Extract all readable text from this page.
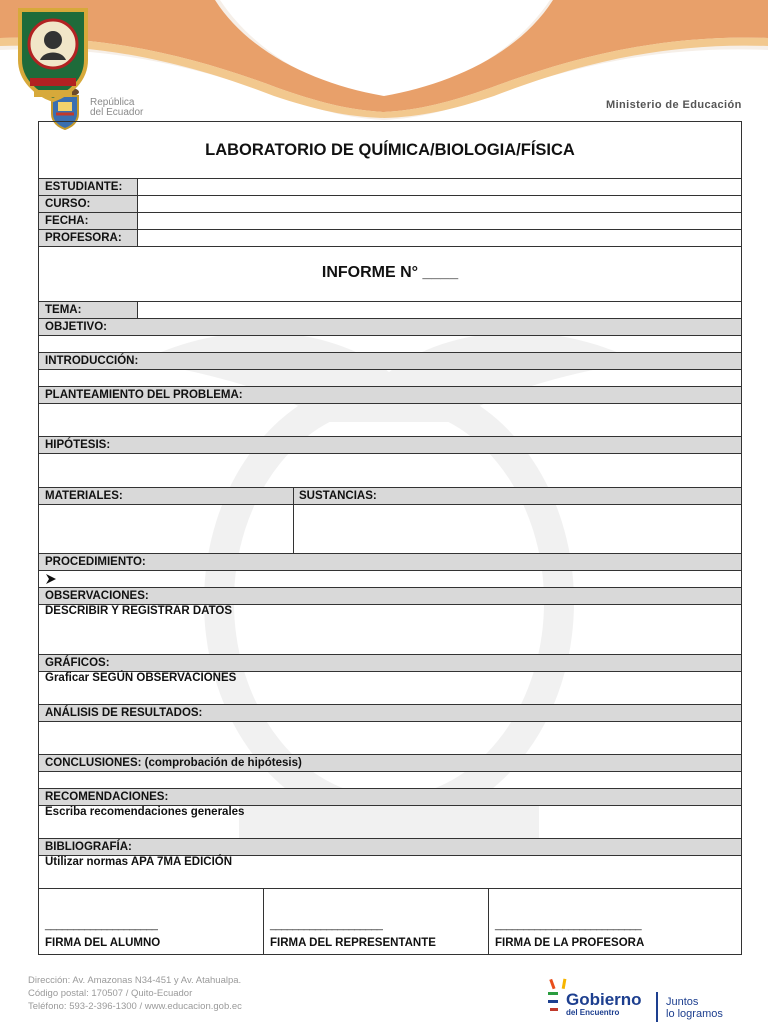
República
del Ecuador
Ministerio de Educación
LABORATORIO DE QUÍMICA/BIOLOGIA/FÍSICA
ESTUDIANTE:
CURSO:
FECHA:
PROFESORA:
INFORME N° ____
TEMA:
OBJETIVO:
INTRODUCCIÓN:
PLANTEAMIENTO DEL PROBLEMA:
HIPÓTESIS:
MATERIALES:	SUSTANCIAS:
PROCEDIMIENTO:
OBSERVACIONES:
DESCRIBIR Y REGISTRAR DATOS
GRÁFICOS:
Graficar SEGÚN OBSERVACIONES
ANÁLISIS DE RESULTADOS:
CONCLUSIONES: (comprobación de hipótesis)
RECOMENDACIONES:
Escriba recomendaciones generales
BIBLIOGRAFÍA:
Utilizar normas APA 7MA EDICIÓN
____________________
FIRMA DEL ALUMNO
____________________
FIRMA DEL REPRESENTANTE
__________________________
FIRMA DE LA PROFESORA
Dirección: Av. Amazonas N34-451 y Av. Atahualpa.
Código postal: 170507 / Quito-Ecuador
Teléfono: 593-2-396-1300 / www.educacion.gob.ec	Gobierno
del Encuentro
Juntos
lo logramos
